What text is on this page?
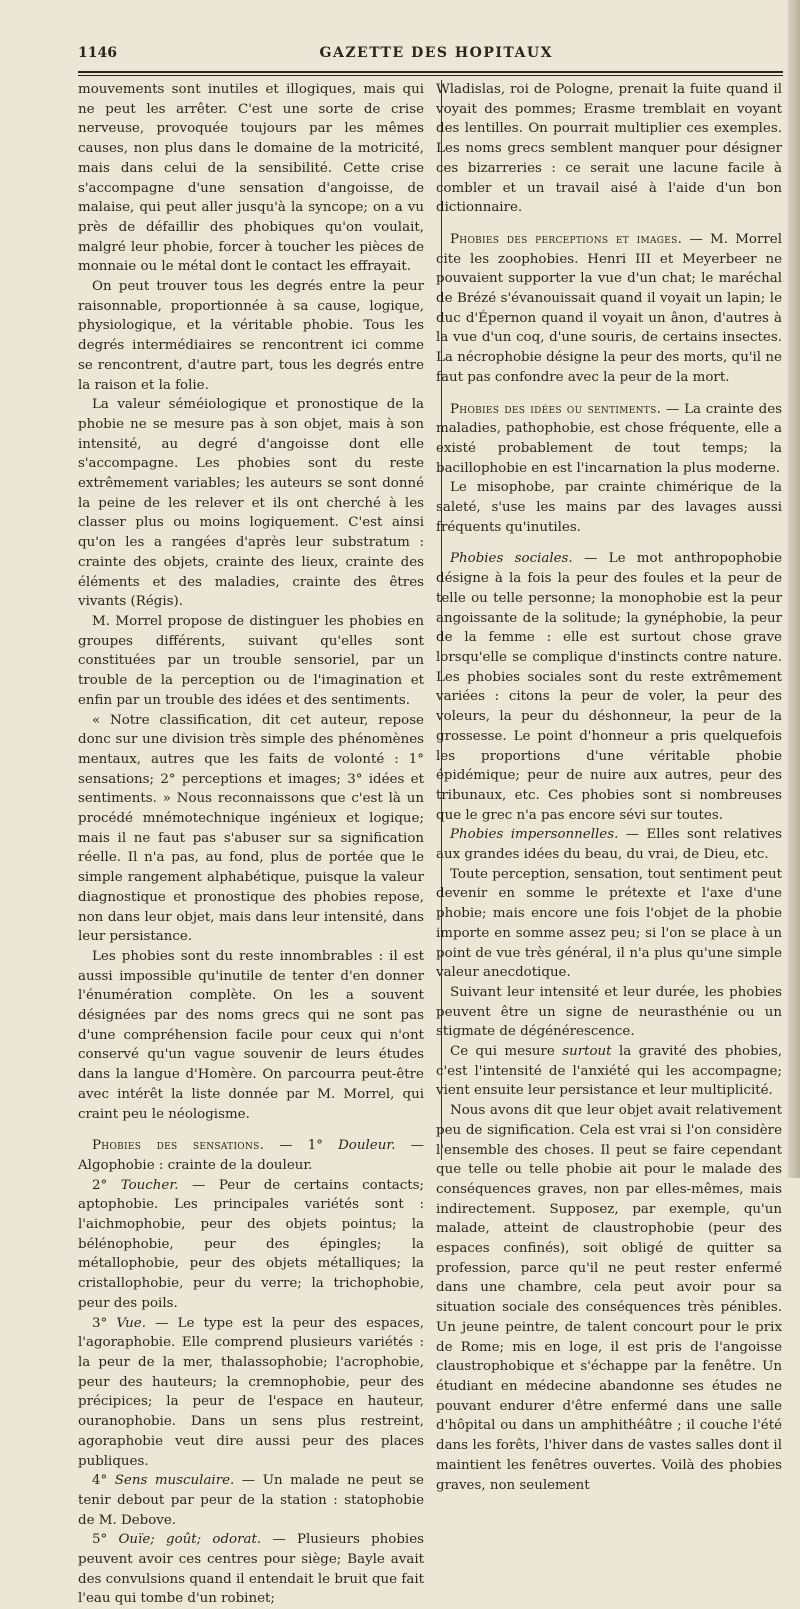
1146	GAZETTE DES HOPITAUX

mouvements sont inutiles et illogiques, mais qui ne peut les arrêter. C'est une sorte de crise nerveuse, provoquée toujours par les mêmes causes, non plus dans le domaine de la motricité, mais dans celui de la sensibilité. Cette crise s'accompagne d'une sensation d'angoisse, de malaise, qui peut aller jusqu'à la syncope; on a vu près de défaillir des phobiques qu'on voulait, malgré leur phobie, forcer à toucher les pièces de monnaie ou le métal dont le contact les effrayait.

On peut trouver tous les degrés entre la peur raisonnable, proportionnée à sa cause, logique, physiologique, et la véritable phobie. Tous les degrés intermédiaires se rencontrent ici comme se rencontrent, d'autre part, tous les degrés entre la raison et la folie.

La valeur séméiologique et pronostique de la phobie ne se mesure pas à son objet, mais à son intensité, au degré d'angoisse dont elle s'accompagne. Les phobies sont du reste extrêmement variables; les auteurs se sont donné la peine de les relever et ils ont cherché à les classer plus ou moins logiquement. C'est ainsi qu'on les a rangées d'après leur substratum : crainte des objets, crainte des lieux, crainte des éléments et des maladies, crainte des êtres vivants (Régis).

M. Morrel propose de distinguer les phobies en groupes différents, suivant qu'elles sont constituées par un trouble sensoriel, par un trouble de la perception ou de l'imagination et enfin par un trouble des idées et des sentiments.

« Notre classification, dit cet auteur, repose donc sur une division très simple des phénomènes mentaux, autres que les faits de volonté : 1° sensations; 2° perceptions et images; 3° idées et sentiments. » Nous reconnaissons que c'est là un procédé mnémotechnique ingénieux et logique; mais il ne faut pas s'abuser sur sa signification réelle. Il n'a pas, au fond, plus de portée que le simple rangement alphabétique, puisque la valeur diagnostique et pronostique des phobies repose, non dans leur objet, mais dans leur intensité, dans leur persistance.

Les phobies sont du reste innombrables : il est aussi impossible qu'inutile de tenter d'en donner l'énumération complète. On les a souvent désignées par des noms grecs qui ne sont pas d'une compréhension facile pour ceux qui n'ont conservé qu'un vague souvenir de leurs études dans la langue d'Homère. On parcourra peut-être avec intérêt la liste donnée par M. Morrel, qui craint peu le néologisme.

Phobies des sensations. — 1° Douleur. — Algophobie : crainte de la douleur.

2° Toucher. — Peur de certains contacts; aptophobie. Les principales variétés sont : l'aichmophobie, peur des objets pointus; la bélénophobie, peur des épingles; la métallophobie, peur des objets métalliques; la cristallophobie, peur du verre; la trichophobie, peur des poils.

3° Vue. — Le type est la peur des espaces, l'agoraphobie. Elle comprend plusieurs variétés : la peur de la mer, thalassophobie; l'acrophobie, peur des hauteurs; la cremnophobie, peur des précipices; la peur de l'espace en hauteur, ouranophobie. Dans un sens plus restreint, agoraphobie veut dire aussi peur des places publiques.

4° Sens musculaire. — Un malade ne peut se tenir debout par peur de la station : statophobie de M. Debove.

5° Ouïe; goût; odorat. — Plusieurs phobies peuvent avoir ces centres pour siège; Bayle avait des convulsions quand il entendait le bruit que fait l'eau qui tombe d'un robinet;

Wladislas, roi de Pologne, prenait la fuite quand il voyait des pommes; Erasme tremblait en voyant des lentilles. On pourrait multiplier ces exemples. Les noms grecs semblent manquer pour désigner ces bizarreries : ce serait une lacune facile à combler et un travail aisé à l'aide d'un bon dictionnaire.

Phobies des perceptions et images. — M. Morrel cite les zoophobies. Henri III et Meyerbeer ne pouvaient supporter la vue d'un chat; le maréchal de Brézé s'évanouissait quand il voyait un lapin; le duc d'Épernon quand il voyait un ânon, d'autres à la vue d'un coq, d'une souris, de certains insectes. La nécrophobie désigne la peur des morts, qu'il ne faut pas confondre avec la peur de la mort.

Phobies des idées ou sentiments. — La crainte des maladies, pathophobie, est chose fréquente, elle a existé probablement de tout temps; la bacillophobie en est l'incarnation la plus moderne.

Le misophobe, par crainte chimérique de la saleté, s'use les mains par des lavages aussi fréquents qu'inutiles.

Phobies sociales. — Le mot anthropophobie désigne à la fois la peur des foules et la peur de telle ou telle personne; la monophobie est la peur angoissante de la solitude; la gynéphobie, la peur de la femme : elle est surtout chose grave lorsqu'elle se complique d'instincts contre nature. Les phobies sociales sont du reste extrêmement variées : citons la peur de voler, la peur des voleurs, la peur du déshonneur, la peur de la grossesse. Le point d'honneur a pris quelquefois les proportions d'une véritable phobie épidémique; peur de nuire aux autres, peur des tribunaux, etc. Ces phobies sont si nombreuses que le grec n'a pas encore sévi sur toutes.

Phobies impersonnelles. — Elles sont relatives aux grandes idées du beau, du vrai, de Dieu, etc.

Toute perception, sensation, tout sentiment peut devenir en somme le prétexte et l'axe d'une phobie; mais encore une fois l'objet de la phobie importe en somme assez peu; si l'on se place à un point de vue très général, il n'a plus qu'une simple valeur anecdotique.

Suivant leur intensité et leur durée, les phobies peuvent être un signe de neurasthénie ou un stigmate de dégénérescence.

Ce qui mesure surtout la gravité des phobies, c'est l'intensité de l'anxiété qui les accompagne; vient ensuite leur persistance et leur multiplicité.

Nous avons dit que leur objet avait relativement peu de signification. Cela est vrai si l'on considère l'ensemble des choses. Il peut se faire cependant que telle ou telle phobie ait pour le malade des conséquences graves, non par elles-mêmes, mais indirectement. Supposez, par exemple, qu'un malade, atteint de claustrophobie (peur des espaces confinés), soit obligé de quitter sa profession, parce qu'il ne peut rester enfermé dans une chambre, cela peut avoir pour sa situation sociale des conséquences très pénibles. Un jeune peintre, de talent concourt pour le prix de Rome; mis en loge, il est pris de l'angoisse claustrophobique et s'échappe par la fenêtre. Un étudiant en médecine abandonne ses études ne pouvant endurer d'être enfermé dans une salle d'hôpital ou dans un amphithéâtre ; il couche l'été dans les forêts, l'hiver dans de vastes salles dont il maintient les fenêtres ouvertes. Voilà des phobies graves, non seulement
